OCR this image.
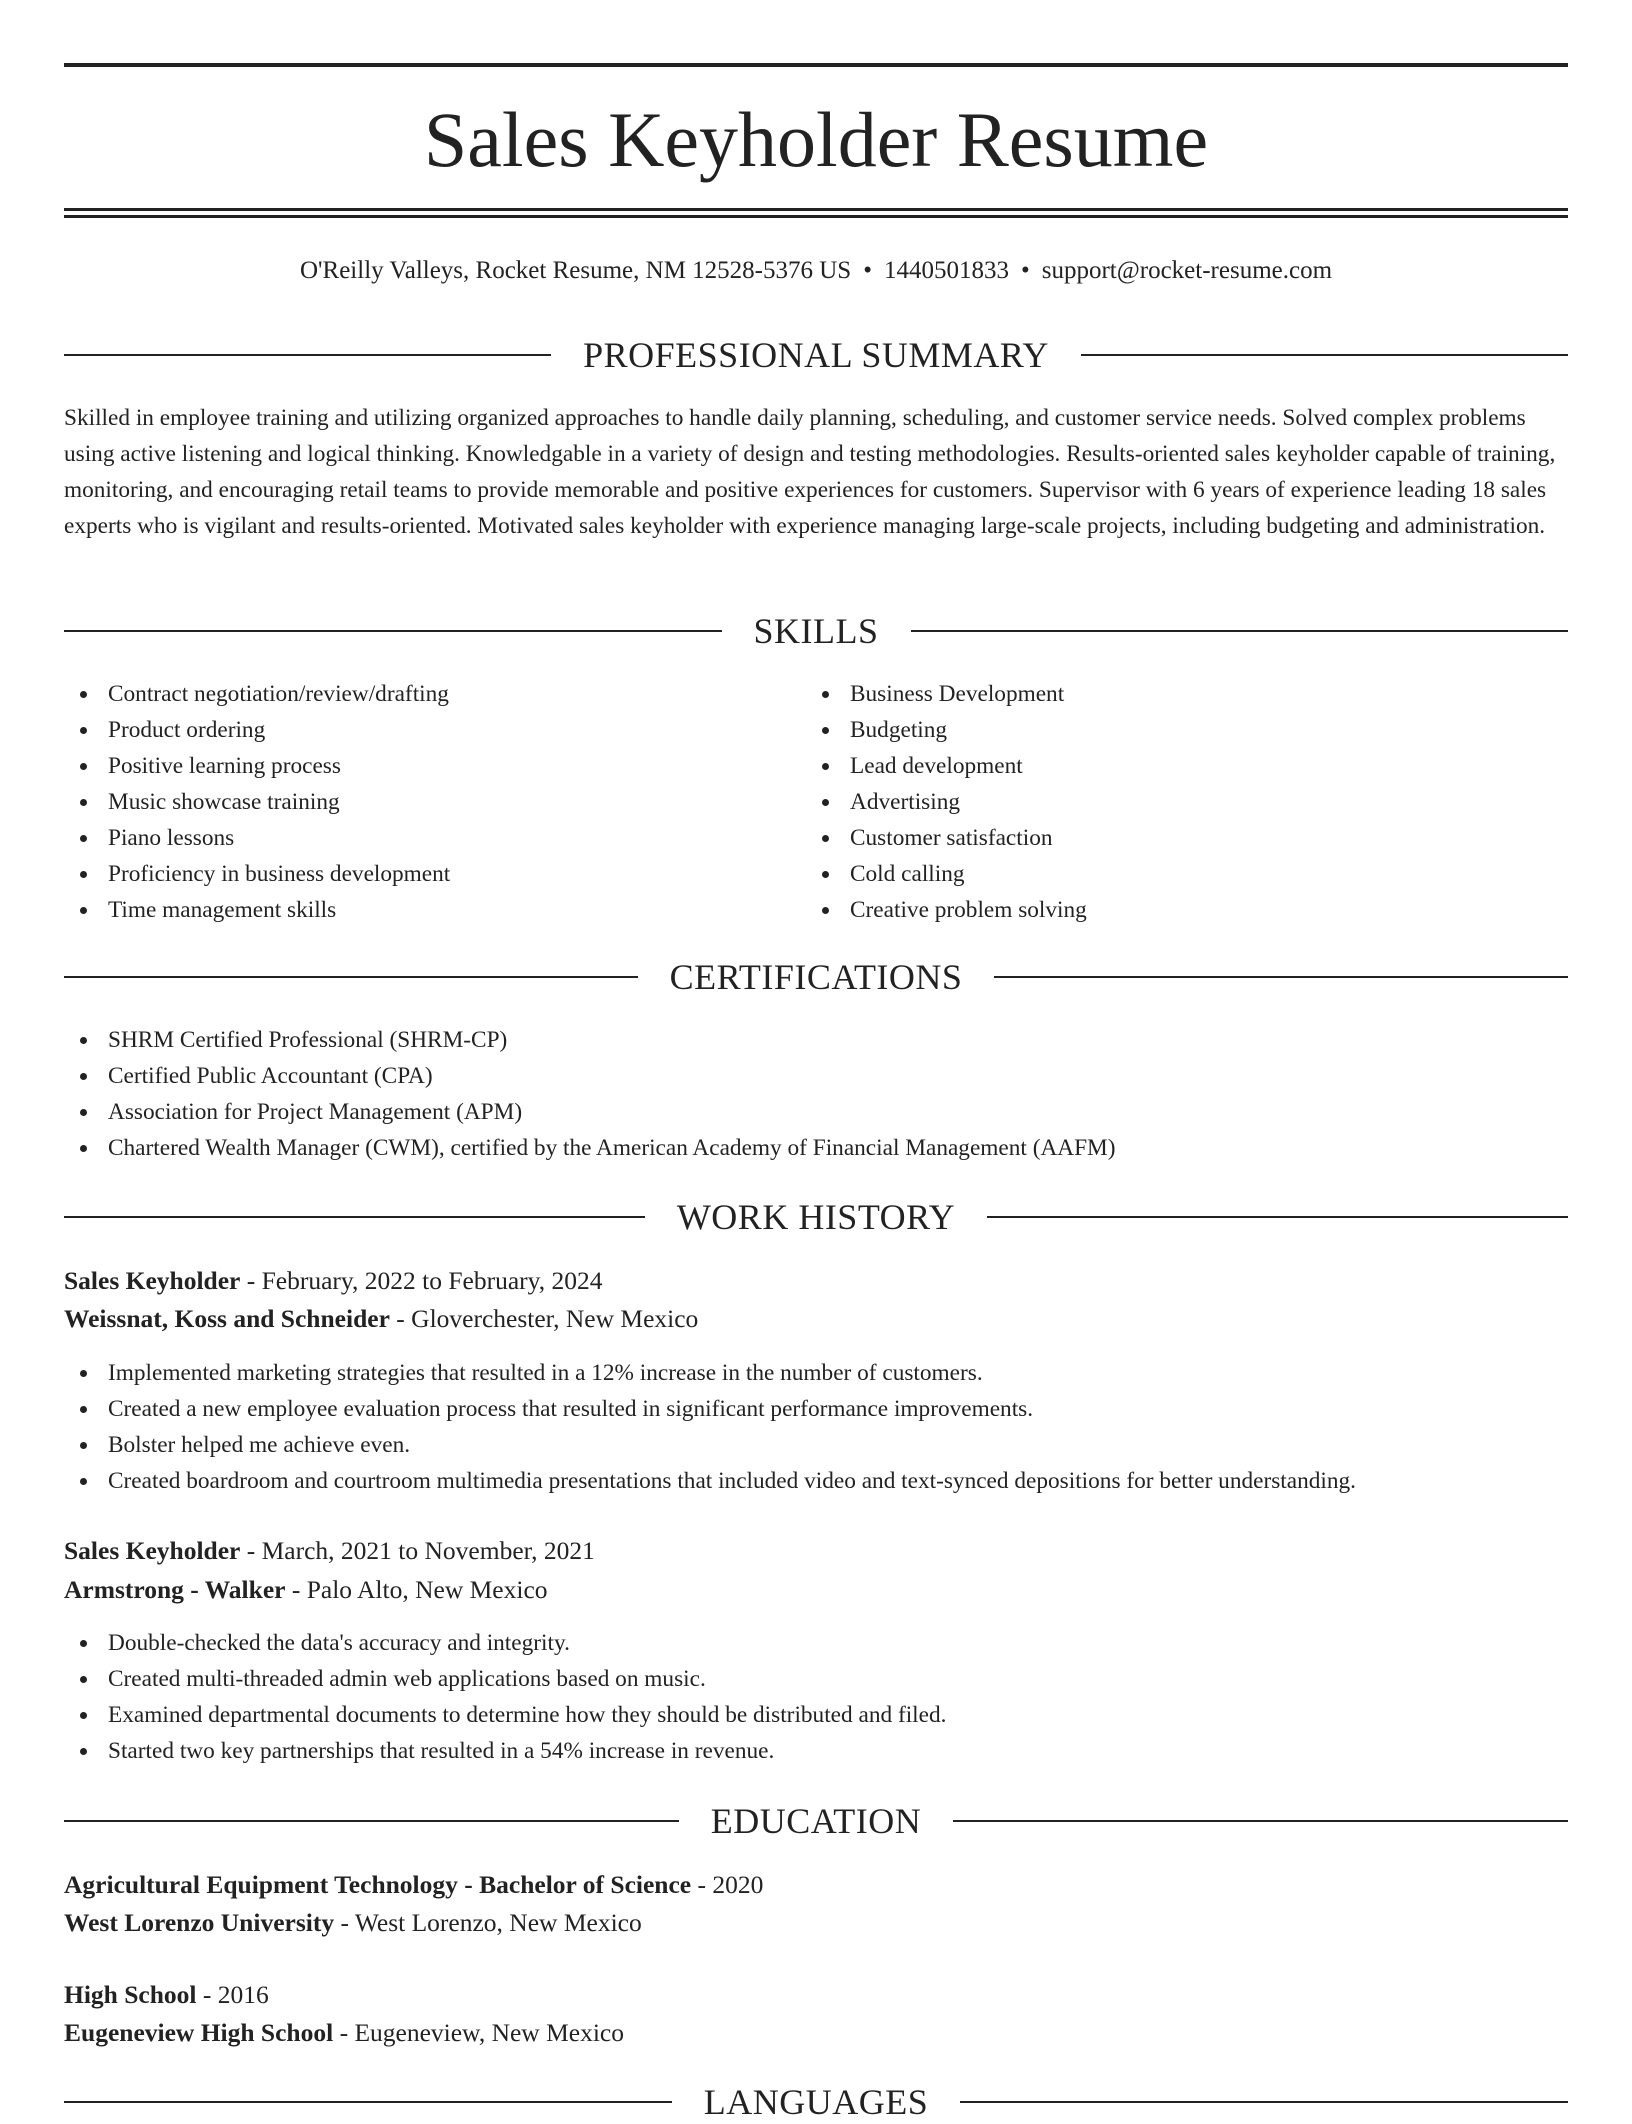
Sales Keyholder Resume
O'Reilly Valleys, Rocket Resume, NM 12528-5376 US • 1440501833 • support@rocket-resume.com
PROFESSIONAL SUMMARY
Skilled in employee training and utilizing organized approaches to handle daily planning, scheduling, and customer service needs. Solved complex problems using active listening and logical thinking. Knowledgable in a variety of design and testing methodologies. Results-oriented sales keyholder capable of training, monitoring, and encouraging retail teams to provide memorable and positive experiences for customers. Supervisor with 6 years of experience leading 18 sales experts who is vigilant and results-oriented. Motivated sales keyholder with experience managing large-scale projects, including budgeting and administration.
SKILLS
Contract negotiation/review/drafting
Product ordering
Positive learning process
Music showcase training
Piano lessons
Proficiency in business development
Time management skills
Business Development
Budgeting
Lead development
Advertising
Customer satisfaction
Cold calling
Creative problem solving
CERTIFICATIONS
SHRM Certified Professional (SHRM-CP)
Certified Public Accountant (CPA)
Association for Project Management (APM)
Chartered Wealth Manager (CWM), certified by the American Academy of Financial Management (AAFM)
WORK HISTORY
Sales Keyholder - February, 2022 to February, 2024
Weissnat, Koss and Schneider - Gloverchester, New Mexico
Implemented marketing strategies that resulted in a 12% increase in the number of customers.
Created a new employee evaluation process that resulted in significant performance improvements.
Bolster helped me achieve even.
Created boardroom and courtroom multimedia presentations that included video and text-synced depositions for better understanding.
Sales Keyholder - March, 2021 to November, 2021
Armstrong - Walker - Palo Alto, New Mexico
Double-checked the data's accuracy and integrity.
Created multi-threaded admin web applications based on music.
Examined departmental documents to determine how they should be distributed and filed.
Started two key partnerships that resulted in a 54% increase in revenue.
EDUCATION
Agricultural Equipment Technology - Bachelor of Science - 2020
West Lorenzo University - West Lorenzo, New Mexico
High School - 2016
Eugeneview High School - Eugeneview, New Mexico
LANGUAGES
